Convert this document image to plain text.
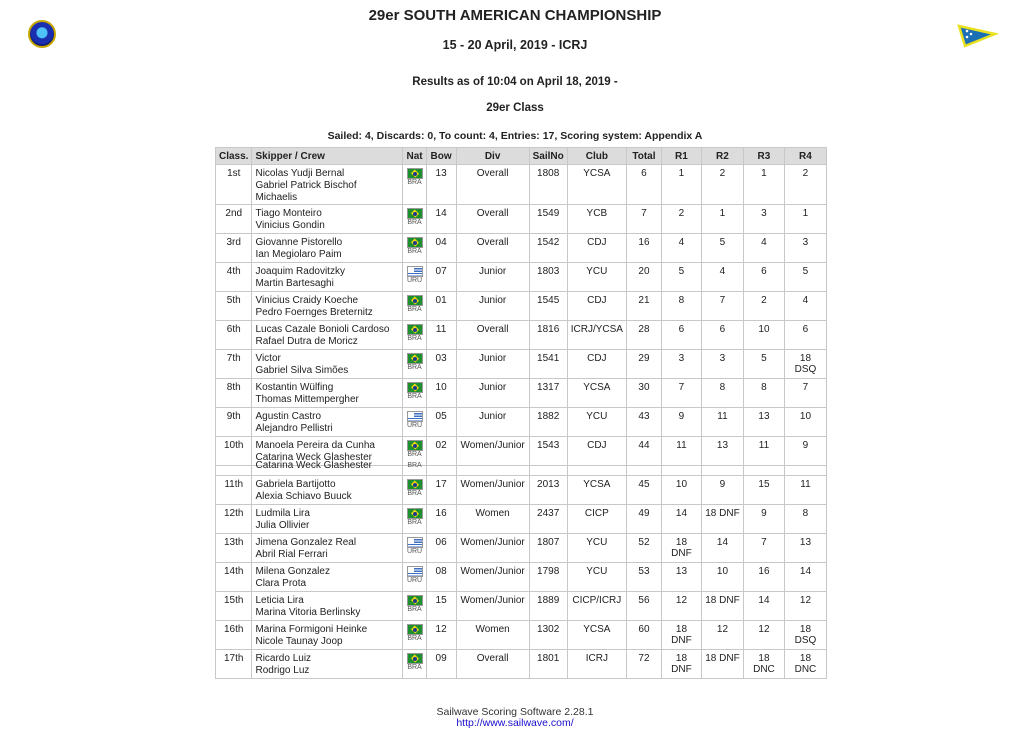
29er SOUTH AMERICAN CHAMPIONSHIP
15 - 20 April, 2019 - ICRJ
Results as of 10:04 on April 18, 2019 -
29er Class
Sailed: 4, Discards: 0, To count: 4, Entries: 17, Scoring system: Appendix A
Class.	Skipper / Crew	Nat	Bow	Div	SailNo	Club	Total	R1	R2	R3	R4
1st	Nicolas Yudji Bernal
Gabriel Patrick Bischof Michaelis	BRA	13	Overall	1808	YCSA	6	1	2	1	2
2nd	Tiago Monteiro
Vinicius Gondin	BRA	14	Overall	1549	YCB	7	2	1	3	1
3rd	Giovanne Pistorello
Ian Megiolaro Paim	BRA	04	Overall	1542	CDJ	16	4	5	4	3
4th	Joaquim Radovitzky
Martin Bartesaghi	URU	07	Junior	1803	YCU	20	5	4	6	5
5th	Vinicius Craidy Koeche
Pedro Foernges Breternitz	BRA	01	Junior	1545	CDJ	21	8	7	2	4
6th	Lucas Cazale Bonioli Cardoso
Rafael Dutra de Moricz	BRA	11	Overall	1816	ICRJ/YCSA	28	6	6	10	6
7th	Victor
Gabriel Silva Simões	BRA	03	Junior	1541	CDJ	29	3	3	5	18 DSQ
8th	Kostantin Wülfing
Thomas Mittempergher	BRA	10	Junior	1317	YCSA	30	7	8	8	7
9th	Agustin Castro
Alejandro Pellistri	URU	05	Junior	1882	YCU	43	9	11	13	10
10th	Manoela Pereira da Cunha
Catarina Weck Glashester	BRA	02	Women/Junior	1543	CDJ	44	11	13	11	9

	Catarina Weck Glashester	BRA									

11th	Gabriela Bartijotto
Alexia Schiavo Buuck	BRA	17	Women/Junior	2013	YCSA	45	10	9	15	11
12th	Ludmila Lira
Julia Ollivier	BRA	16	Women	2437	CICP	49	14	18 DNF	9	8
13th	Jimena Gonzalez Real
Abril Rial Ferrari	URU	06	Women/Junior	1807	YCU	52	18 DNF	14	7	13
14th	Milena Gonzalez
Clara Prota	URU	08	Women/Junior	1798	YCU	53	13	10	16	14
15th	Leticia Lira
Marina Vitoria Berlinsky	BRA	15	Women/Junior	1889	CICP/ICRJ	56	12	18 DNF	14	12
16th	Marina Formigoni Heinke
Nicole Taunay Joop	BRA	12	Women	1302	YCSA	60	18 DNF	12	12	18 DSQ
17th	Ricardo Luiz
Rodrigo Luz	BRA	09	Overall	1801	ICRJ	72	18 DNF	18 DNF	18 DNC	18 DNC
Sailwave Scoring Software 2.28.1
http://www.sailwave.com/
